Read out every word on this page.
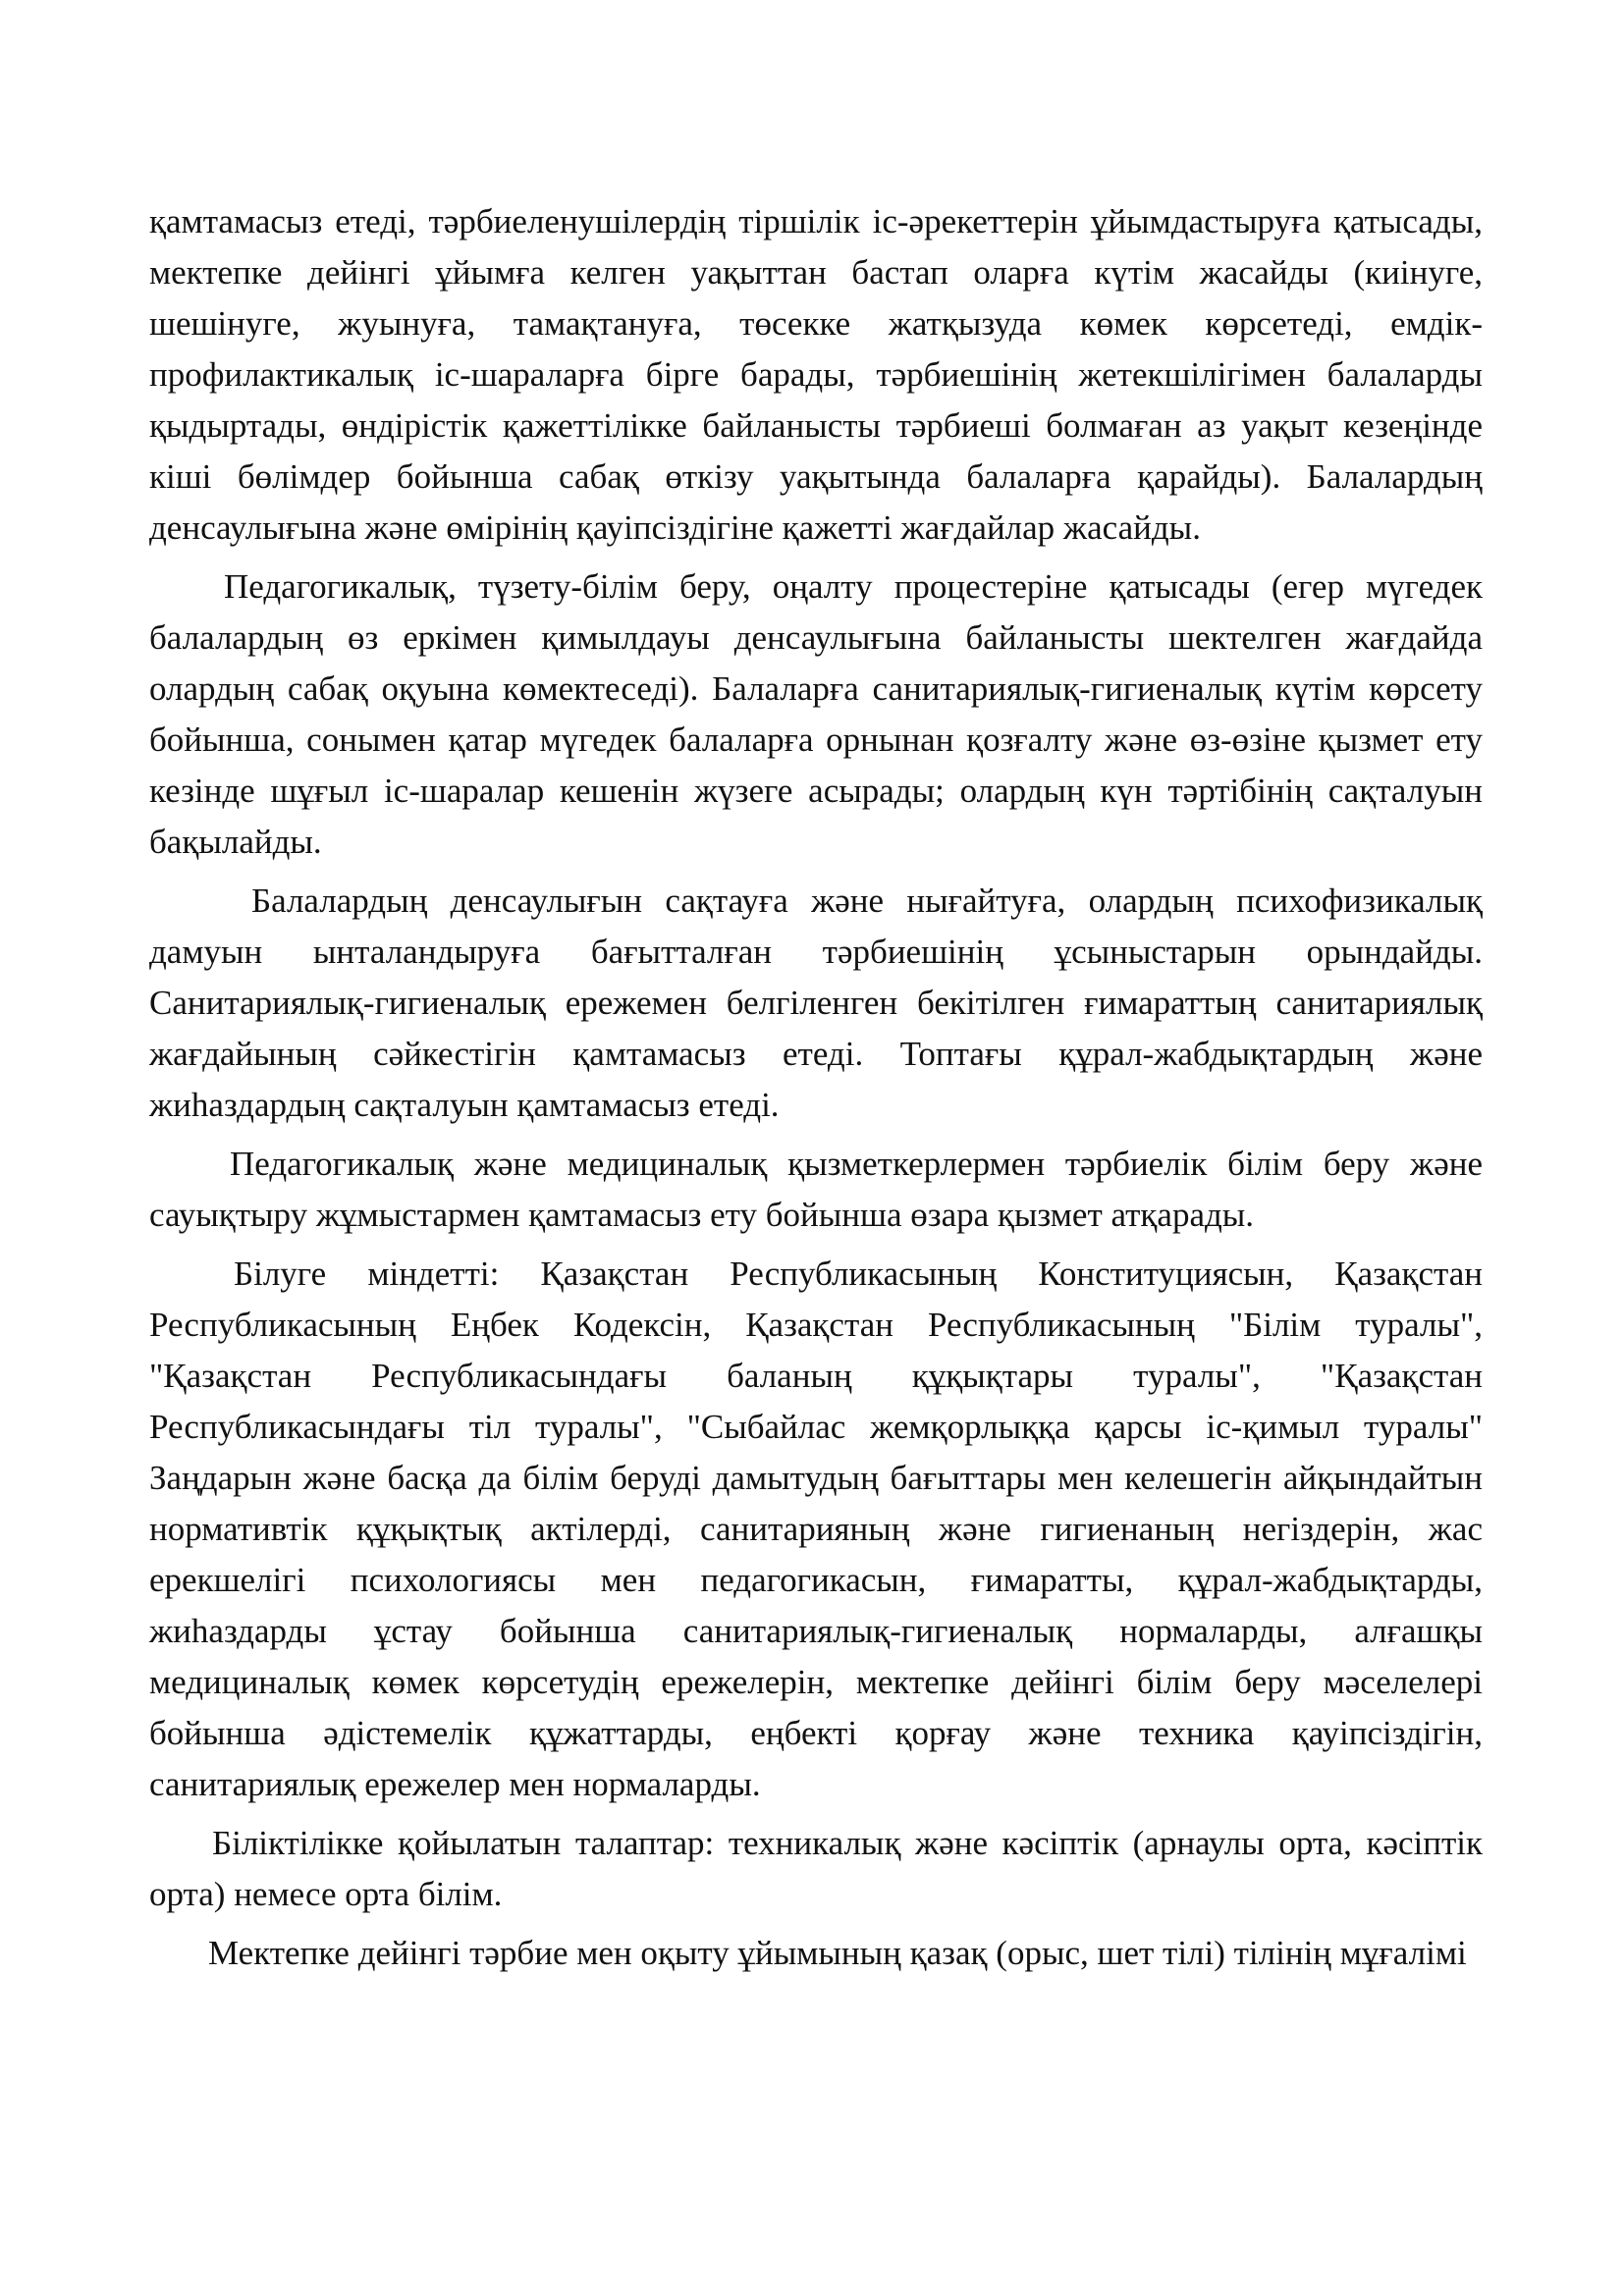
қамтамасыз етеді, тәрбиеленушілердің тіршілік іс-әрекеттерін ұйымдастыруға қатысады, мектепке дейінгі ұйымға келген уақыттан бастап оларға күтім жасайды (киінуге, шешінуге, жуынуға, тамақтануға, төсекке жатқызуда көмек көрсетеді, емдік-профилактикалық іс-шараларға бірге барады, тәрбиешінің жетекшілігімен балаларды қыдыртады, өндірістік қажеттілікке байланысты тәрбиеші болмаған аз уақыт кезеңінде кіші бөлімдер бойынша сабақ өткізу уақытында балаларға қарайды). Балалардың денсаулығына және өмірінің қауіпсіздігіне қажетті жағдайлар жасайды.

Педагогикалық, түзету-білім беру, оңалту процестеріне қатысады (егер мүгедек балалардың өз еркімен қимылдауы денсаулығына байланысты шектелген жағдайда олардың сабақ оқуына көмектеседі). Балаларға санитариялық-гигиеналық күтім көрсету бойынша, сонымен қатар мүгедек балаларға орнынан қозғалту және өз-өзіне қызмет ету кезінде шұғыл іс-шаралар кешенін жүзеге асырады; олардың күн тәртібінің сақталуын бақылайды.

Балалардың денсаулығын сақтауға және нығайтуға, олардың психофизикалық дамуын ынталандыруға бағытталған тәрбиешінің ұсыныстарын орындайды. Санитариялық-гигиеналық ережемен белгіленген бекітілген ғимараттың санитариялық жағдайының сәйкестігін қамтамасыз етеді. Топтағы құрал-жабдықтардың және жиһаздардың сақталуын қамтамасыз етеді.

Педагогикалық және медициналық қызметкерлермен тәрбиелік білім беру және сауықтыру жұмыстармен қамтамасыз ету бойынша өзара қызмет атқарады.

Білуге міндетті: Қазақстан Республикасының Конституциясын, Қазақстан Республикасының Еңбек Кодексін, Қазақстан Республикасының "Білім туралы", "Қазақстан Республикасындағы баланың құқықтары туралы", "Қазақстан Республикасындағы тіл туралы", "Сыбайлас жемқорлыққа қарсы іс-қимыл туралы" Заңдарын және басқа да білім беруді дамытудың бағыттары мен келешегін айқындайтын нормативтік құқықтық актілерді, санитарияның және гигиенаның негіздерін, жас ерекшелігі психологиясы мен педагогикасын, ғимаратты, құрал-жабдықтарды, жиһаздарды ұстау бойынша санитариялық-гигиеналық нормаларды, алғашқы медициналық көмек көрсетудің ережелерін, мектепке дейінгі білім беру мәселелері бойынша әдістемелік құжаттарды, еңбекті қорғау және техника қауіпсіздігін, санитариялық ережелер мен нормаларды.

Біліктілікке қойылатын талаптар: техникалық және кәсіптік (арнаулы орта, кәсіптік орта) немесе орта білім.

Мектепке дейінгі тәрбие мен оқыту ұйымының қазақ (орыс, шет тілі) тілінің мұғалімі
